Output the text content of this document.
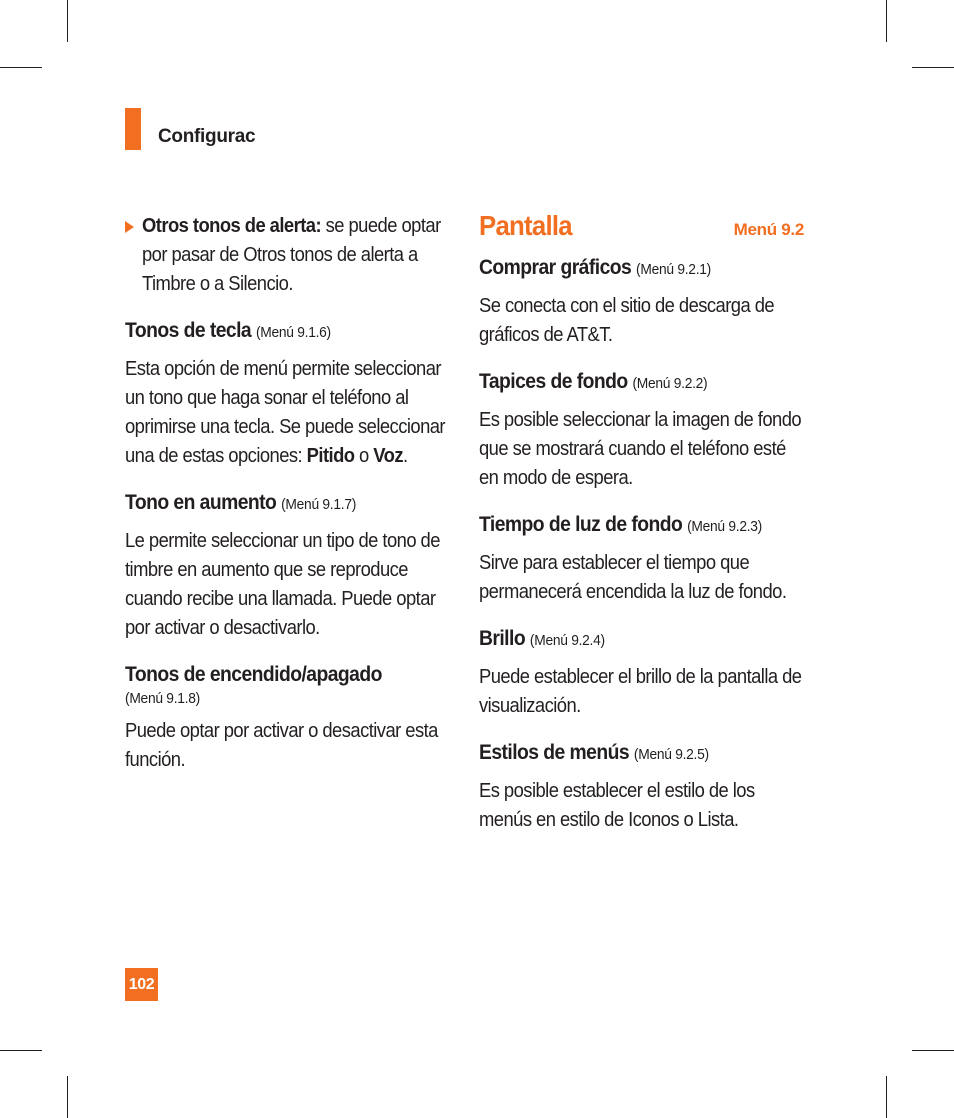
Configurac

Otros tonos de alerta: se puede optar por pasar de Otros tonos de alerta a Timbre o a Silencio.

Tonos de tecla (Menú 9.1.6)

Esta opción de menú permite seleccionar un tono que haga sonar el teléfono al oprimirse una tecla. Se puede seleccionar una de estas opciones: Pitido o Voz.

Tono en aumento (Menú 9.1.7)

Le permite seleccionar un tipo de tono de timbre en aumento que se reproduce cuando recibe una llamada. Puede optar por activar o desactivarlo.

Tonos de encendido/apagado

(Menú 9.1.8)

Puede optar por activar o desactivar esta función.

Pantalla	Menú 9.2

Comprar gráficos (Menú 9.2.1)

Se conecta con el sitio de descarga de gráficos de AT&T.

Tapices de fondo (Menú 9.2.2)

Es posible seleccionar la imagen de fondo que se mostrará cuando el teléfono esté en modo de espera.

Tiempo de luz de fondo (Menú 9.2.3)

Sirve para establecer el tiempo que permanecerá encendida la luz de fondo.

Brillo (Menú 9.2.4)

Puede establecer el brillo de la pantalla de visualización.

Estilos de menús (Menú 9.2.5)

Es posible establecer el estilo de los menús en estilo de Iconos o Lista.

102
